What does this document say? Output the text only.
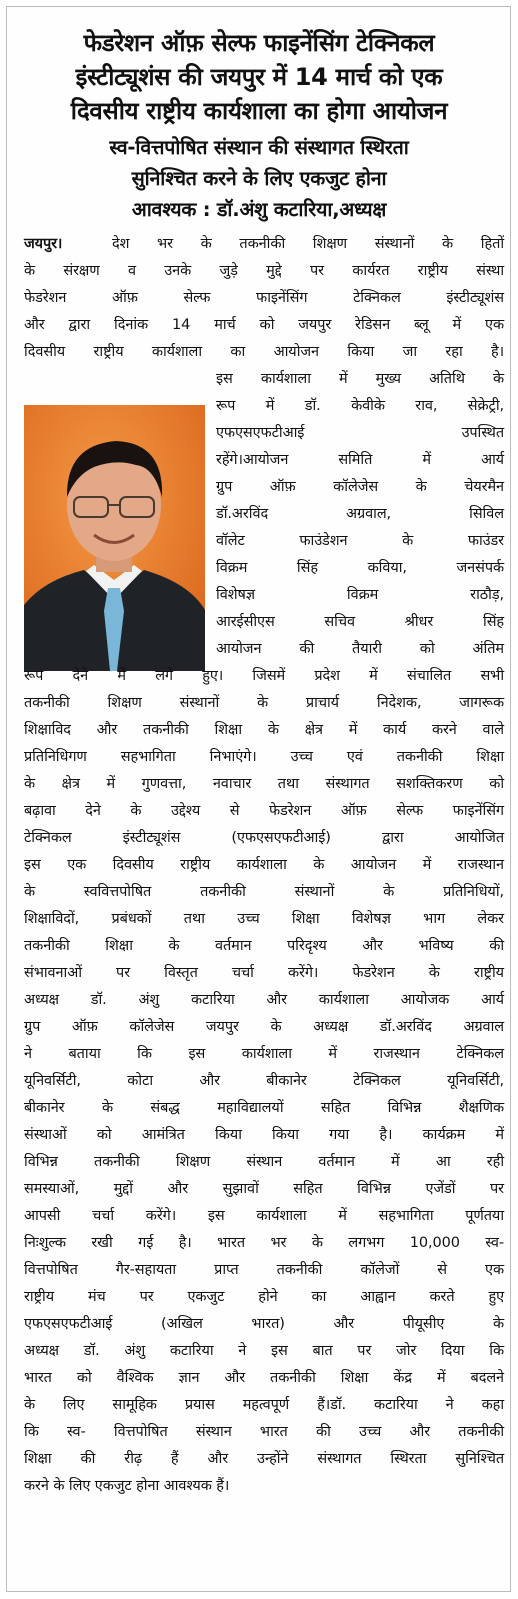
फेडरेशन ऑफ़ सेल्फ फाइनेंसिंग टेक्निकल
इंस्टीट्यूशंस की जयपुर में 14 मार्च को एक
दिवसीय राष्ट्रीय कार्यशाला का होगा आयोजन
स्व-वित्तपोषित संस्थान की संस्थागत स्थिरता
सुनिश्चित करने के लिए एकजुट होना
आवश्यक : डॉ.अंशु कटारिया,अध्यक्ष
जयपुर।	देश भर के तकनीकी शिक्षण संस्थानों के हितों
के संरक्षण व उनके जुड़े मुद्दे पर कार्यरत राष्ट्रीय संस्था
फेडरेशन ऑफ़ सेल्फ फाइनेंसिंग टेक्निकल इंस्टीट्यूशंस
और द्वारा दिनांक 14 मार्च को जयपुर रेडिसन ब्लू में एक
दिवसीय राष्ट्रीय कार्यशाला का आयोजन किया जा रहा है।
इस कार्यशाला में मुख्य अतिथि के
रूप में डॉ. केवीके राव, सेक्रेट्री,
एफएसएफटीआई उपस्थित
रहेंगे।आयोजन समिति में आर्य
ग्रुप ऑफ़ कॉलेजेस के चेयरमैन
डॉ.अरविंद अग्रवाल, सिविल
वॉलेट फाउंडेशन के फाउंडर
विक्रम सिंह कविया, जनसंपर्क
विशेषज्ञ विक्रम राठौड़,
आरईसीएस सचिव श्रीधर सिंह
आयोजन की तैयारी को अंतिम
रूप देने में लगे हुए। जिसमें प्रदेश में संचालित सभी
तकनीकी शिक्षण संस्थानों के प्राचार्य निदेशक, जागरूक
शिक्षाविद और तकनीकी शिक्षा के क्षेत्र में कार्य करने वाले
प्रतिनिधिगण सहभागिता निभाएंगे। उच्च एवं तकनीकी शिक्षा
के क्षेत्र में गुणवत्ता, नवाचार तथा संस्थागत सशक्तिकरण को
बढ़ावा देने के उद्देश्य से फेडरेशन ऑफ़ सेल्फ फाइनेंसिंग
टेक्निकल इंस्टीट्यूशंस (एफएसएफटीआई) द्वारा आयोजित
इस एक दिवसीय राष्ट्रीय कार्यशाला के आयोजन में राजस्थान
के स्ववित्तपोषित तकनीकी संस्थानों के प्रतिनिधियों,
शिक्षाविदों, प्रबंधकों तथा उच्च शिक्षा विशेषज्ञ भाग लेकर
तकनीकी शिक्षा के वर्तमान परिदृश्य और भविष्य की
संभावनाओं पर विस्तृत चर्चा करेंगे। फेडरेशन के राष्ट्रीय
अध्यक्ष डॉ. अंशु कटारिया और कार्यशाला आयोजक आर्य
ग्रुप ऑफ़ कॉलेजेस जयपुर के अध्यक्ष डॉ.अरविंद अग्रवाल
ने बताया कि इस कार्यशाला में राजस्थान टेक्निकल
यूनिवर्सिटी, कोटा और बीकानेर टेक्निकल यूनिवर्सिटी,
बीकानेर के संबद्ध महाविद्यालयों सहित विभिन्न शैक्षणिक
संस्थाओं को आमंत्रित किया किया गया है। कार्यक्रम में
विभिन्न तकनीकी शिक्षण संस्थान वर्तमान में आ रही
समस्याओं, मुद्दों और सुझावों सहित विभिन्न एजेंडों पर
आपसी चर्चा करेंगे। इस कार्यशाला में सहभागिता पूर्णतया
निःशुल्क रखी गई है। भारत भर के लगभग 10,000 स्व-
वित्तपोषित गैर-सहायता प्राप्त तकनीकी कॉलेजों से एक
राष्ट्रीय मंच पर एकजुट होने का आह्वान करते हुए
एफएसएफटीआई (अखिल भारत) और पीयूसीए के
अध्यक्ष डॉ. अंशु कटारिया ने इस बात पर जोर दिया कि
भारत को वैश्विक ज्ञान और तकनीकी शिक्षा केंद्र में बदलने
के लिए सामूहिक प्रयास महत्वपूर्ण हैं।डॉ. कटारिया ने कहा
कि स्व- वित्तपोषित संस्थान भारत की उच्च और तकनीकी
शिक्षा की रीढ़ हैं और उन्होंने संस्थागत स्थिरता सुनिश्चित
करने के लिए एकजुट होना आवश्यक हैं।
